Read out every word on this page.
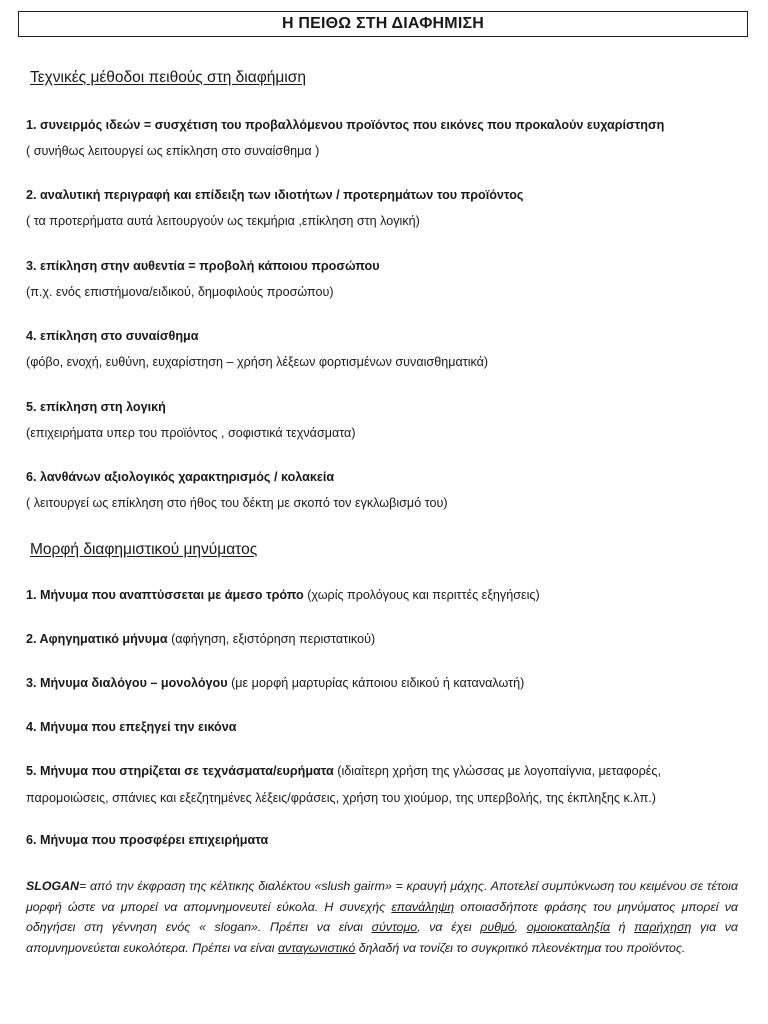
Η ΠΕΙΘΩ ΣΤΗ ΔΙΑΦΗΜΙΣΗ
Τεχνικές μέθοδοι πειθούς στη διαφήμιση
1. συνειρμός ιδεών = συσχέτιση του προβαλλόμενου προϊόντος που εικόνες που προκαλούν ευχαρίστηση
( συνήθως λειτουργεί ως επίκληση στο συναίσθημα )
2. αναλυτική περιγραφή και επίδειξη των ιδιοτήτων / προτερημάτων του προϊόντος
( τα προτερήματα αυτά λειτουργούν ως τεκμήρια ,επίκληση στη λογική)
3. επίκληση στην αυθεντία = προβολή κάποιου προσώπου
(π.χ. ενός επιστήμονα/ειδικού, δημοφιλούς προσώπου)
4. επίκληση στο συναίσθημα
(φόβο, ενοχή, ευθύνη, ευχαρίστηση – χρήση λέξεων φορτισμένων συναισθηματικά)
5. επίκληση στη λογική
(επιχειρήματα υπερ του προϊόντος , σοφιστικά τεχνάσματα)
6. λανθάνων αξιολογικός χαρακτηρισμός / κολακεία
( λειτουργεί ως επίκληση στο ήθος του δέκτη με σκοπό τον εγκλωβισμό του)
Μορφή διαφημιστικού μηνύματος
1. Μήνυμα που αναπτύσσεται με άμεσο τρόπο (χωρίς προλόγους και περιττές εξηγήσεις)
2. Αφηγηματικό μήνυμα (αφήγηση, εξιστόρηση περιστατικού)
3. Μήνυμα διαλόγου – μονολόγου (με μορφή μαρτυρίας κάποιου ειδικού ή καταναλωτή)
4. Μήνυμα που επεξηγεί την εικόνα
5. Μήνυμα που στηρίζεται σε τεχνάσματα/ευρήματα (ιδιαίτερη χρήση της γλώσσας με λογοπαίγνια, μεταφορές,
παρομοιώσεις, σπάνιες και εξεζητημένες λέξεις/φράσεις, χρήση του χιούμορ, της υπερβολής, της έκπληξης κ.λπ.)
6. Μήνυμα που προσφέρει επιχειρήματα
SLOGAN= από την έκφραση της κέλτικης διαλέκτου «slush gairm» = κραυγή μάχης. Αποτελεί συμπύκνωση του κειμένου σε τέτοια μορφή ώστε να μπορεί να απομνημονευτεί εύκολα. Η συνεχής επανάληψη οποιασδήποτε φράσης του μηνύματος μπορεί να οδηγήσει στη γέννηση ενός « slogan». Πρέπει να είναι σύντομο, να έχει ρυθμό, ομοιοκαταληξία ή παρήχηση για να απομνημονεύεται ευκολότερα. Πρέπει να είναι ανταγωνιστικό δηλαδή να τονίζει το συγκριτικό πλεονέκτημα του προϊόντος.
